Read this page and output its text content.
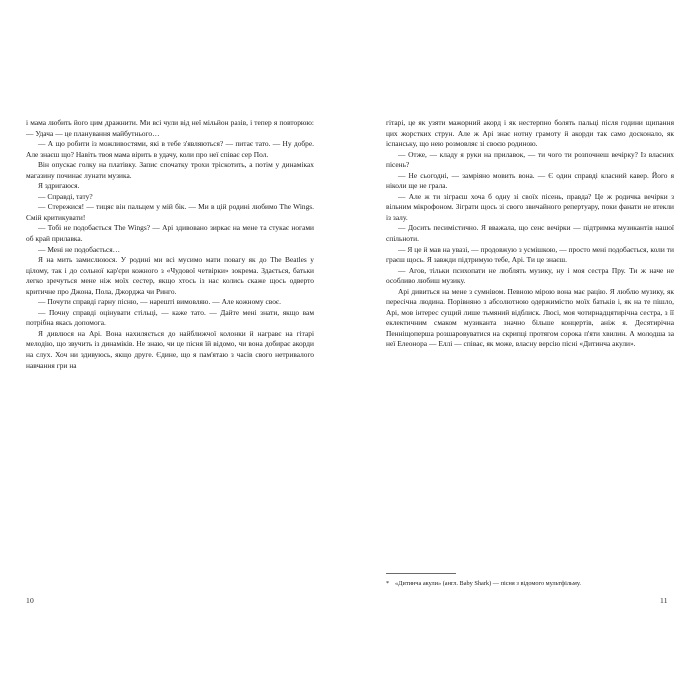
і мама любить його цим дражнити. Ми всі чули від неї мільйон разів, і тепер я повторюю: — Удача — це планування майбутнього…

— А що робити із можливостями, які в тебе з'являються? — питає тато. — Ну добре. Але знаєш що? Навіть твоя мама вірить в удачу, коли про неї співає сер Пол.

Він опускає голку на платівку. Запис спочатку трохи тріскотить, а потім у динаміках магазину починає лунати музика.

Я здригаюся.

— Справді, тату?

— Стережися! — тицяє він пальцем у мій бік. — Ми в цій родині любимо The Wings. Смій критикувати!

— Тобі не подобається The Wings? — Арі здивовано зиркає на мене та стукає ногами об край прилавка.

— Мені не подобається…

Я на мить замислююся. У родині ми всі мусимо мати повагу як до The Beatles у цілому, так і до сольної кар'єри кожного з «Чудової четвірки» зокрема. Здається, батьки легко зречуться мене ніж моїх сестер, якщо хтось із нас колись скаже щось одверто критичне про Джона, Пола, Джорджа чи Ринго.

— Почути справді гарну пісню, — нарешті вимовляю. — Але кожному своє.

— Почну справді оцінувати стільці, — каже тато. — Дайте мені знати, якщо вам потрібна якась допомога.

Я дивлюся на Арі. Вона нахиляється до найближчої колонки й награвє на гітарі мелодію, що звучить із динаміків. Не знаю, чи це пісня їй відомо, чи вона добирає акорди на слух. Хоч ни здивуюсь, якщо друге. Єдине, що я пам'ятаю з часів свого нетривалого навчання гри на

гітарі, це як узяти мажорний акорд і як нестерпно болять пальці після години щипання цих жорстких струн. Але ж Арі знає нотну грамоту й акорди так само досконало, як іспанську, що нею розмовляє зі своєю родиною.

— Отже, — кладу я руки на прилавок, — ти чого ти розпочнеш вечірку? Із власних пісень?

— Не сьогодні, — замріяно мовить вона. — Є один справді класний кавер. Його я ніколи ще не грала.

— Але ж ти зіграєш хоча б одну зі своїх пісень, правда? Це ж родичка вечірки з вільним мікрофоном. Зіграти щось зі свого звичайного репертуару, поки фанати не втекли із залу.

— Досить песимістично. Я вважала, що сенс вечірки — підтримка музикантів нашої спільноти.

— Я це й мав на увазі, — продовжую з усмішкою, — просто мені подобається, коли ти граєш щось. Я завжди підтримую тебе, Арі. Ти це знаєш.

— Агов, тільки психопати не люблять музику, ну і моя сестра Пру. Ти ж наче не особливо любиш музику.

Арі дивиться на мене з сумнівом. Певною мірою вона має рацію. Я люблю музику, як пересічна людина. Порівняно з абсолютною одержимістю моїх батьків і, як на те пішло, Арі, мов інтерес сущий лише тьмяний відблиск. Люсі, моя чотирнадцятирічна сестра, з її еклектичним смаком музиканта значно більше концертів, аніж я. Десятирічна Пенніщоперша розшаровуватися на скрипці протягом сорока п'яти хвилин. А молодша за неї Елеонора — Еллі — співає, як може, власну версію пісні «Дитинча акули».

* «Дитинча акули» (англ. Baby Shark) — пісня з відомого мультфільму.

10	11
